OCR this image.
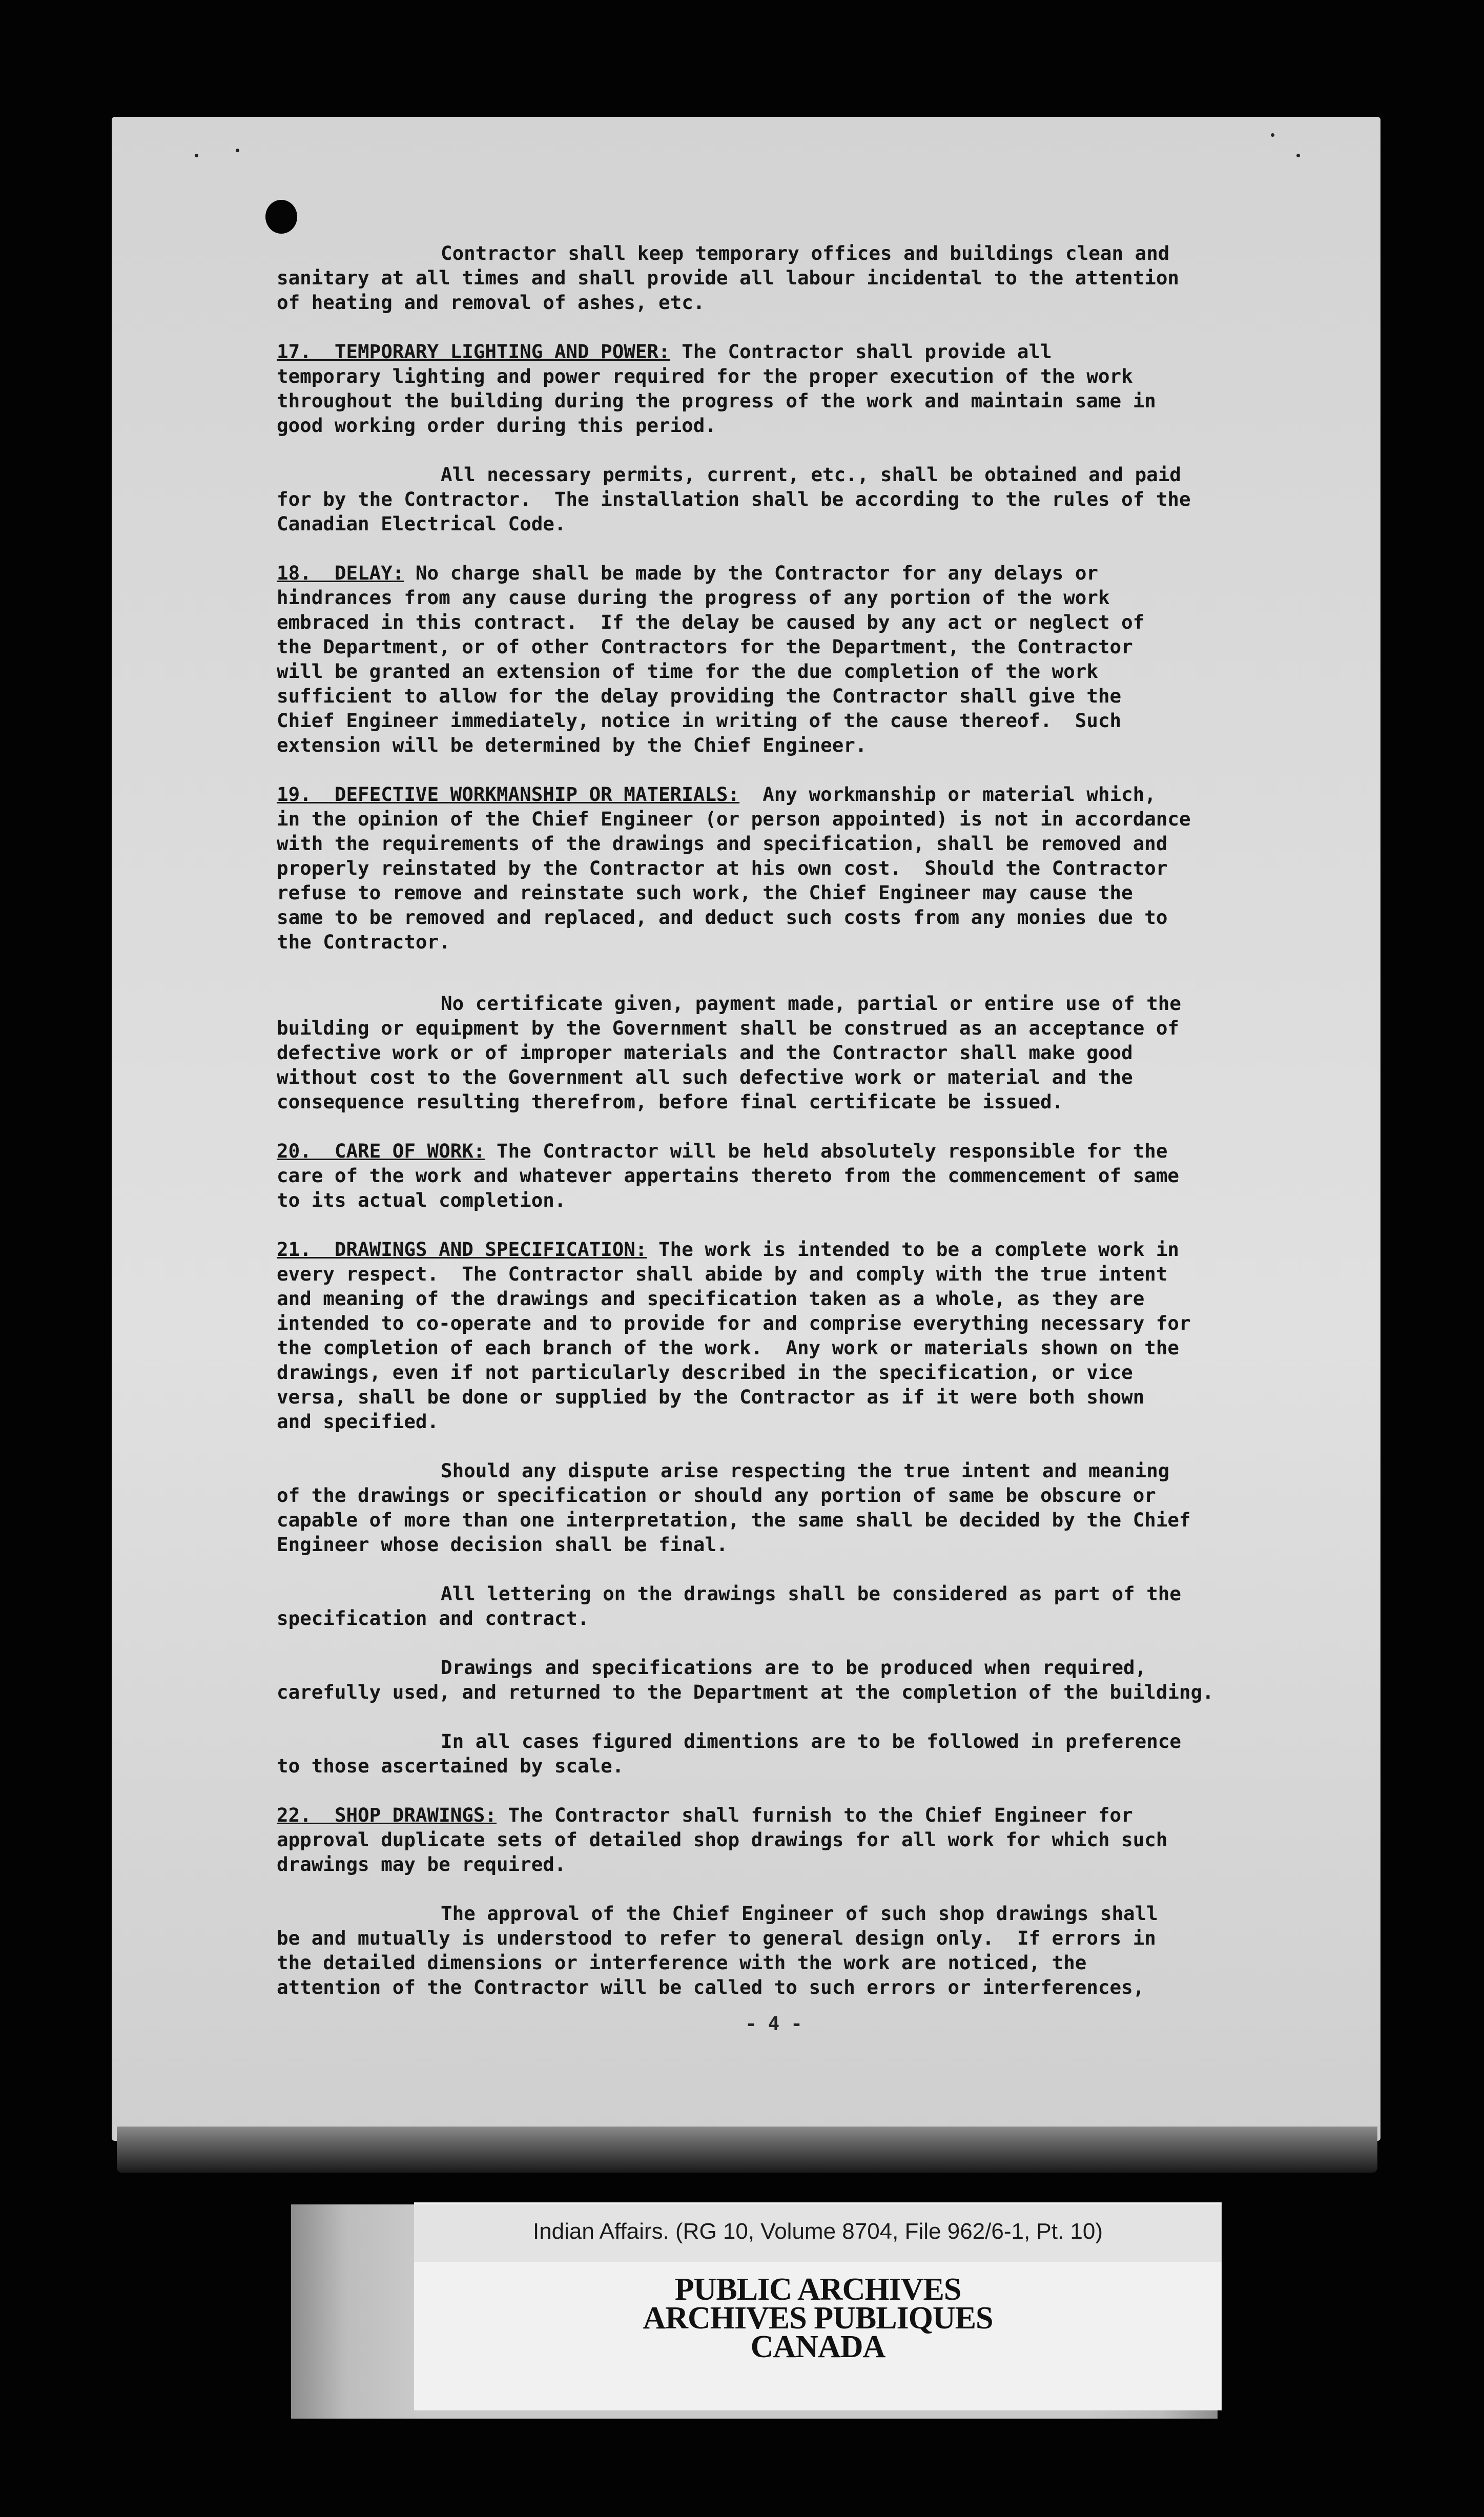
Contractor shall keep temporary offices and buildings clean and
sanitary at all times and shall provide all labour incidental to the attention
of heating and removal of ashes, etc.
17.  TEMPORARY LIGHTING AND POWER: The Contractor shall provide all
temporary lighting and power required for the proper execution of the work
throughout the building during the progress of the work and maintain same in
good working order during this period.
All necessary permits, current, etc., shall be obtained and paid
for by the Contractor.  The installation shall be according to the rules of the
Canadian Electrical Code.
18.  DELAY: No charge shall be made by the Contractor for any delays or
hindrances from any cause during the progress of any portion of the work
embraced in this contract.  If the delay be caused by any act or neglect of
the Department, or of other Contractors for the Department, the Contractor
will be granted an extension of time for the due completion of the work
sufficient to allow for the delay providing the Contractor shall give the
Chief Engineer immediately, notice in writing of the cause thereof.  Such
extension will be determined by the Chief Engineer.
19.  DEFECTIVE WORKMANSHIP OR MATERIALS:  Any workmanship or material which,
in the opinion of the Chief Engineer (or person appointed) is not in accordance
with the requirements of the drawings and specification, shall be removed and
properly reinstated by the Contractor at his own cost.  Should the Contractor
refuse to remove and reinstate such work, the Chief Engineer may cause the
same to be removed and replaced, and deduct such costs from any monies due to
the Contractor.
No certificate given, payment made, partial or entire use of the
building or equipment by the Government shall be construed as an acceptance of
defective work or of improper materials and the Contractor shall make good
without cost to the Government all such defective work or material and the
consequence resulting therefrom, before final certificate be issued.
20.  CARE OF WORK: The Contractor will be held absolutely responsible for the
care of the work and whatever appertains thereto from the commencement of same
to its actual completion.
21.  DRAWINGS AND SPECIFICATION: The work is intended to be a complete work in
every respect.  The Contractor shall abide by and comply with the true intent
and meaning of the drawings and specification taken as a whole, as they are
intended to co-operate and to provide for and comprise everything necessary for
the completion of each branch of the work.  Any work or materials shown on the
drawings, even if not particularly described in the specification, or vice
versa, shall be done or supplied by the Contractor as if it were both shown
and specified.
Should any dispute arise respecting the true intent and meaning
of the drawings or specification or should any portion of same be obscure or
capable of more than one interpretation, the same shall be decided by the Chief
Engineer whose decision shall be final.
All lettering on the drawings shall be considered as part of the
specification and contract.
Drawings and specifications are to be produced when required,
carefully used, and returned to the Department at the completion of the building.
In all cases figured dimentions are to be followed in preference
to those ascertained by scale.
22.  SHOP DRAWINGS: The Contractor shall furnish to the Chief Engineer for
approval duplicate sets of detailed shop drawings for all work for which such
drawings may be required.
The approval of the Chief Engineer of such shop drawings shall
be and mutually is understood to refer to general design only.  If errors in
the detailed dimensions or interference with the work are noticed, the
attention of the Contractor will be called to such errors or interferences,
- 4 -
Indian Affairs. (RG 10, Volume 8704, File 962/6-1, Pt. 10)
PUBLIC ARCHIVES
ARCHIVES PUBLIQUES
CANADA
